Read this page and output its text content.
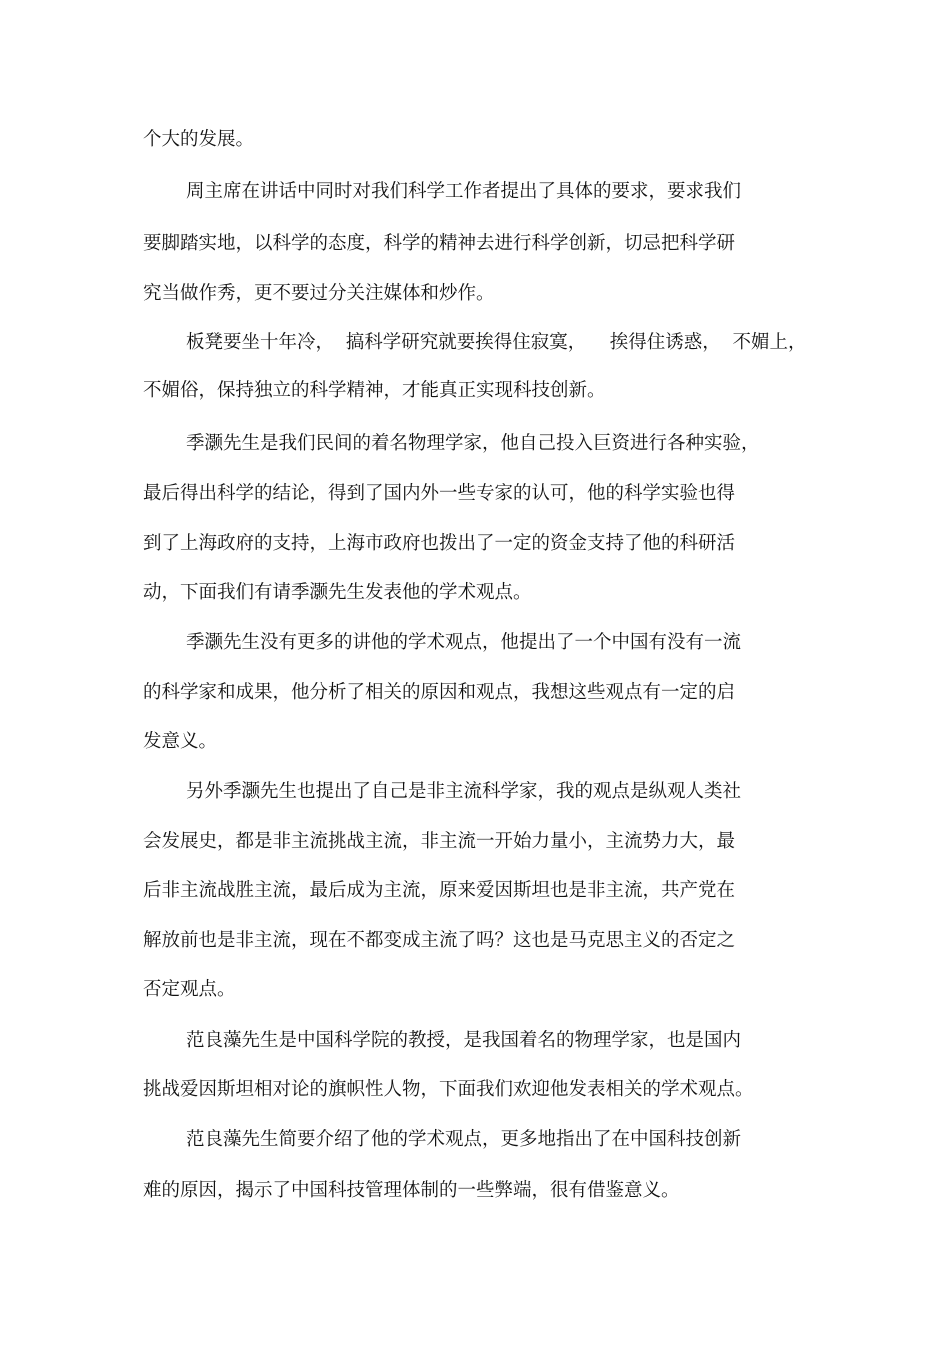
个大的发展。
周主席在讲话中同时对我们科学工作者提出了具体的要求，要求我们
要脚踏实地，以科学的态度，科学的精神去进行科学创新，切忌把科学研
究当做作秀，更不要过分关注媒体和炒作。
板凳要坐十年冷，  搞科学研究就要挨得住寂寞，    挨得住诱惑，  不媚上，
不媚俗，保持独立的科学精神，才能真正实现科技创新。
季灏先生是我们民间的着名物理学家，他自己投入巨资进行各种实验，
最后得出科学的结论，得到了国内外一些专家的认可，他的科学实验也得
到了上海政府的支持，上海市政府也拨出了一定的资金支持了他的科研活
动，下面我们有请季灏先生发表他的学术观点。
季灏先生没有更多的讲他的学术观点，他提出了一个中国有没有一流
的科学家和成果，他分析了相关的原因和观点，我想这些观点有一定的启
发意义。
另外季灏先生也提出了自己是非主流科学家，我的观点是纵观人类社
会发展史，都是非主流挑战主流，非主流一开始力量小，主流势力大，最
后非主流战胜主流，最后成为主流，原来爱因斯坦也是非主流，共产党在
解放前也是非主流，现在不都变成主流了吗？这也是马克思主义的否定之
否定观点。
范良藻先生是中国科学院的教授，是我国着名的物理学家，也是国内
挑战爱因斯坦相对论的旗帜性人物，下面我们欢迎他发表相关的学术观点。
范良藻先生简要介绍了他的学术观点，更多地指出了在中国科技创新
难的原因，揭示了中国科技管理体制的一些弊端，很有借鉴意义。
